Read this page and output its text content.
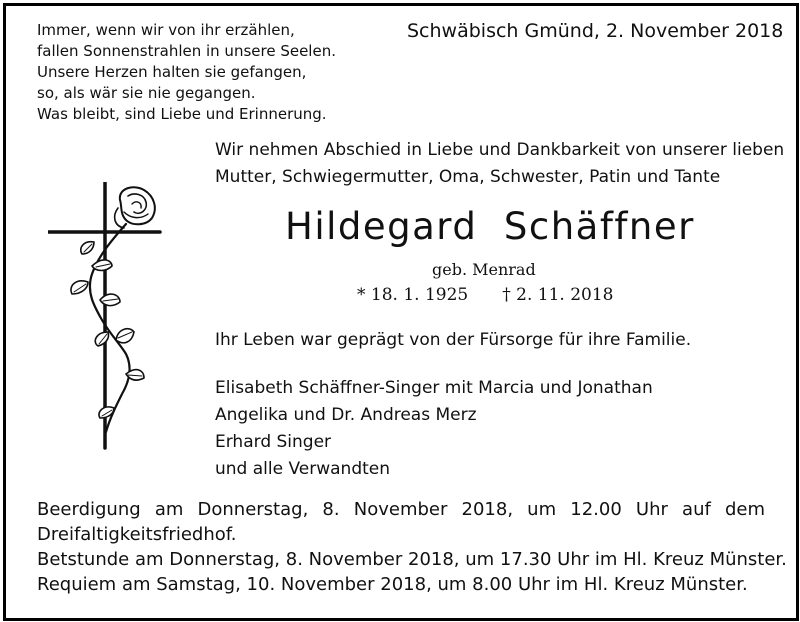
Immer, wenn wir von ihr erzählen,
fallen Sonnenstrahlen in unsere Seelen.
Unsere Herzen halten sie gefangen,
so, als wär sie nie gegangen.
Was bleibt, sind Liebe und Erinnerung.
Schwäbisch Gmünd, 2. November 2018
Wir nehmen Abschied in Liebe und Dankbarkeit von unserer lieben
Mutter, Schwiegermutter, Oma, Schwester, Patin und Tante
Hildegard  Schäffner
geb. Menrad
* 18. 1. 1925 † 2. 11. 2018
Ihr Leben war geprägt von der Fürsorge für ihre Familie.
Elisabeth Schäffner-Singer mit Marcia und Jonathan
Angelika und Dr. Andreas Merz
Erhard Singer
und alle Verwandten
Beerdigung am Donnerstag, 8. November 2018, um 12.00 Uhr auf dem
Dreifaltigkeitsfriedhof.
Betstunde am Donnerstag, 8. November 2018, um 17.30 Uhr im Hl. Kreuz Münster.
Requiem am Samstag, 10. November 2018, um 8.00 Uhr im Hl. Kreuz Münster.
